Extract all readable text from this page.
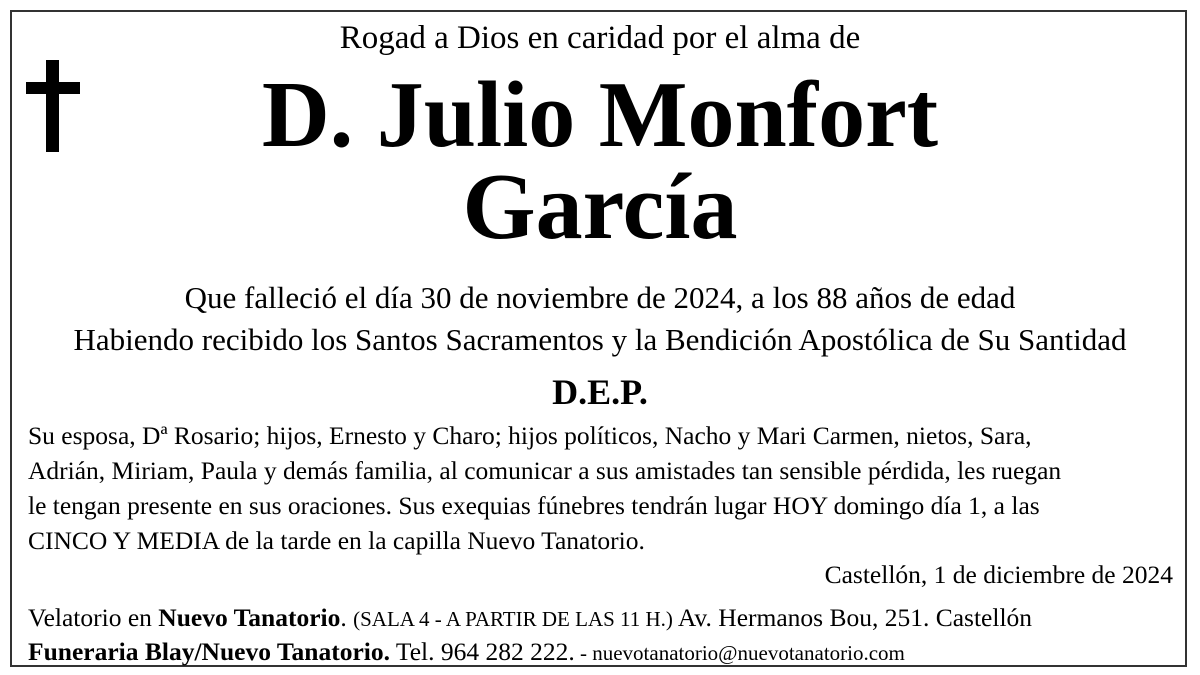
Rogad a Dios en caridad por el alma de
D. Julio Monfort
García
Que falleció el día 30 de noviembre de 2024, a los 88 años de edad
Habiendo recibido los Santos Sacramentos y la Bendición Apostólica de Su Santidad
D.E.P.
Su esposa, Dª Rosario; hijos, Ernesto y Charo; hijos políticos, Nacho y Mari Carmen, nietos, Sara,
Adrián, Miriam, Paula y demás familia, al comunicar a sus amistades tan sensible pérdida, les ruegan
le tengan presente en sus oraciones. Sus exequias fúnebres tendrán lugar HOY domingo día 1, a las
CINCO Y MEDIA de la tarde en la capilla Nuevo Tanatorio.
Castellón, 1 de diciembre de 2024
Velatorio en Nuevo Tanatorio. (SALA 4 - A PARTIR DE LAS 11 H.) Av. Hermanos Bou, 251. Castellón
Funeraria Blay/Nuevo Tanatorio. Tel. 964 282 222. - nuevotanatorio@nuevotanatorio.com
